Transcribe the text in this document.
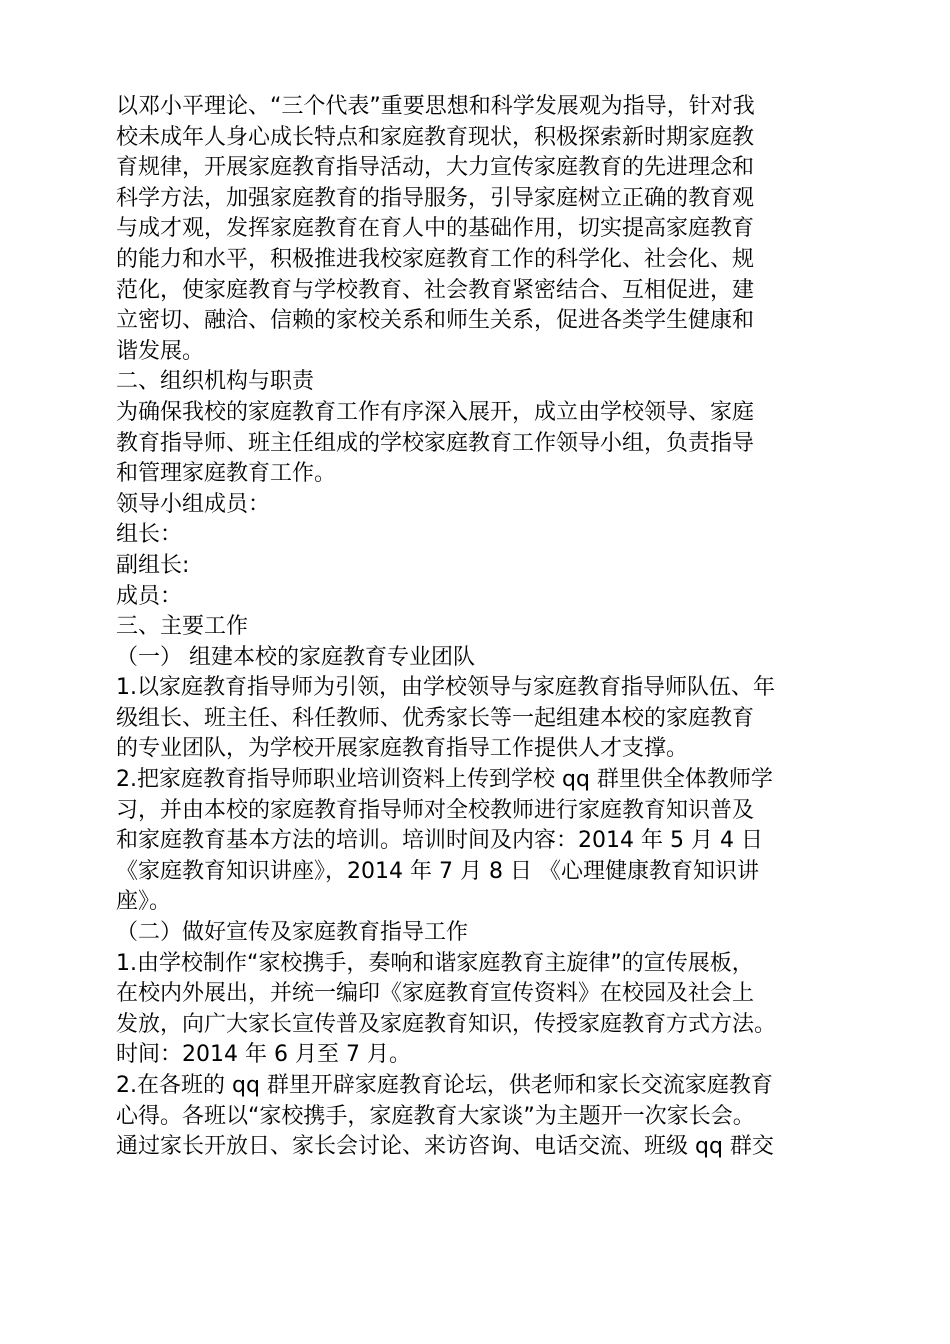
以邓小平理论、“三个代表”重要思想和科学发展观为指导，针对我
校未成年人身心成长特点和家庭教育现状，积极探索新时期家庭教
育规律，开展家庭教育指导活动，大力宣传家庭教育的先进理念和
科学方法，加强家庭教育的指导服务，引导家庭树立正确的教育观
与成才观，发挥家庭教育在育人中的基础作用，切实提高家庭教育
的能力和水平，积极推进我校家庭教育工作的科学化、社会化、规
范化，使家庭教育与学校教育、社会教育紧密结合、互相促进，建
立密切、融洽、信赖的家校关系和师生关系，促进各类学生健康和
谐发展。
二、组织机构与职责
为确保我校的家庭教育工作有序深入展开，成立由学校领导、家庭
教育指导师、班主任组成的学校家庭教育工作领导小组，负责指导
和管理家庭教育工作。
领导小组成员：
组长：
副组长:
成员：
三、主要工作
（一） 组建本校的家庭教育专业团队
1.以家庭教育指导师为引领，由学校领导与家庭教育指导师队伍、年
级组长、班主任、科任教师、优秀家长等一起组建本校的家庭教育
的专业团队，为学校开展家庭教育指导工作提供人才支撑。
2.把家庭教育指导师职业培训资料上传到学校 qq 群里供全体教师学
习，并由本校的家庭教育指导师对全校教师进行家庭教育知识普及
和家庭教育基本方法的培训。培训时间及内容：2014 年 5 月 4 日
《家庭教育知识讲座》，2014 年 7 月 8 日 《心理健康教育知识讲
座》。
（二）做好宣传及家庭教育指导工作
1.由学校制作“家校携手，奏响和谐家庭教育主旋律”的宣传展板，
在校内外展出，并统一编印《家庭教育宣传资料》在校园及社会上
发放，向广大家长宣传普及家庭教育知识，传授家庭教育方式方法。
时间：2014 年 6 月至 7 月。
2.在各班的 qq 群里开辟家庭教育论坛，供老师和家长交流家庭教育
心得。各班以“家校携手，家庭教育大家谈”为主题开一次家长会。
通过家长开放日、家长会讨论、来访咨询、电话交流、班级 qq 群交
